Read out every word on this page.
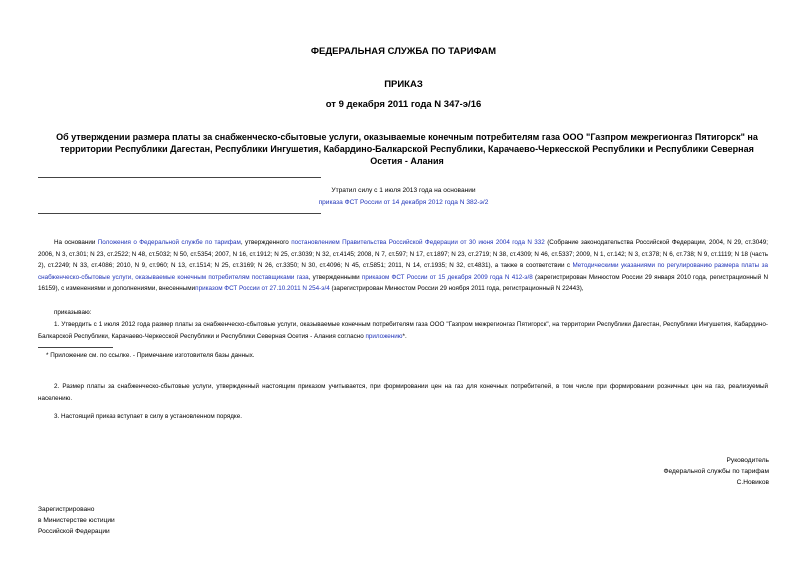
ФЕДЕРАЛЬНАЯ СЛУЖБА ПО ТАРИФАМ
ПРИКАЗ
от 9 декабря 2011 года N 347-э/16
Об утверждении размера платы за снабженческо-сбытовые услуги, оказываемые конечным потребителям газа ООО "Газпром межрегионгаз Пятигорск" на территории Республики Дагестан, Республики Ингушетия, Кабардино-Балкарской Республики, Карачаево-Черкесской Республики и Республики Северная Осетия - Алания
Утратил силу с 1 июля 2013 года на основании
приказа ФСТ России от 14 декабря 2012 года N 382-э/2
На основании Положения о Федеральной службе по тарифам, утвержденного постановлением Правительства Российской Федерации от 30 июня 2004 года N 332 (Собрание законодательства Российской Федерации, 2004, N 29, ст.3049; 2006, N 3, ст.301; N 23, ст.2522; N 48, ст.5032; N 50, ст.5354; 2007, N 16, ст.1912; N 25, ст.3039; N 32, ст.4145; 2008, N 7, ст.597; N 17, ст.1897; N 23, ст.2719; N 38, ст.4309; N 46, ст.5337; 2009, N 1, ст.142; N 3, ст.378; N 6, ст.738; N 9, ст.1119; N 18 (часть 2), ст.2249; N 33, ст.4086; 2010, N 9, ст.960; N 13, ст.1514; N 25, ст.3169; N 26, ст.3350; N 30, ст.4096; N 45, ст.5851; 2011, N 14, ст.1935; N 32, ст.4831), а также в соответствии с Методическими указаниями по регулированию размера платы за снабженческо-сбытовые услуги, оказываемые конечным потребителям поставщиками газа, утвержденными приказом ФСТ России от 15 декабря 2009 года N 412-э/8 (зарегистрирован Минюстом России 29 января 2010 года, регистрационный N 16159), с изменениями и дополнениями, внесеннымиприказом ФСТ России от 27.10.2011 N 254-э/4 (зарегистрирован Минюстом России 29 ноября 2011 года, регистрационный N 22443),
приказываю:
1. Утвердить с 1 июля 2012 года размер платы за снабженческо-сбытовые услуги, оказываемые конечным потребителям газа ООО "Газпром межрегионгаз Пятигорск", на территории Республики Дагестан, Республики Ингушетия, Кабардино-Балкарской Республики, Карачаево-Черкесской Республики и Республики Северная Осетия - Алания согласно приложению*.
* Приложение см. по ссылке. - Примечание изготовителя базы данных.
2. Размер платы за снабженческо-сбытовые услуги, утвержденный настоящим приказом учитывается, при формировании цен на газ для конечных потребителей, в том числе при формировании розничных цен на газ, реализуемый населению.
3. Настоящий приказ вступает в силу в установленном порядке.
Руководитель
Федеральной службы по тарифам
С.Новиков
Зарегистрировано
в Министерстве юстиции
Российской Федерации
